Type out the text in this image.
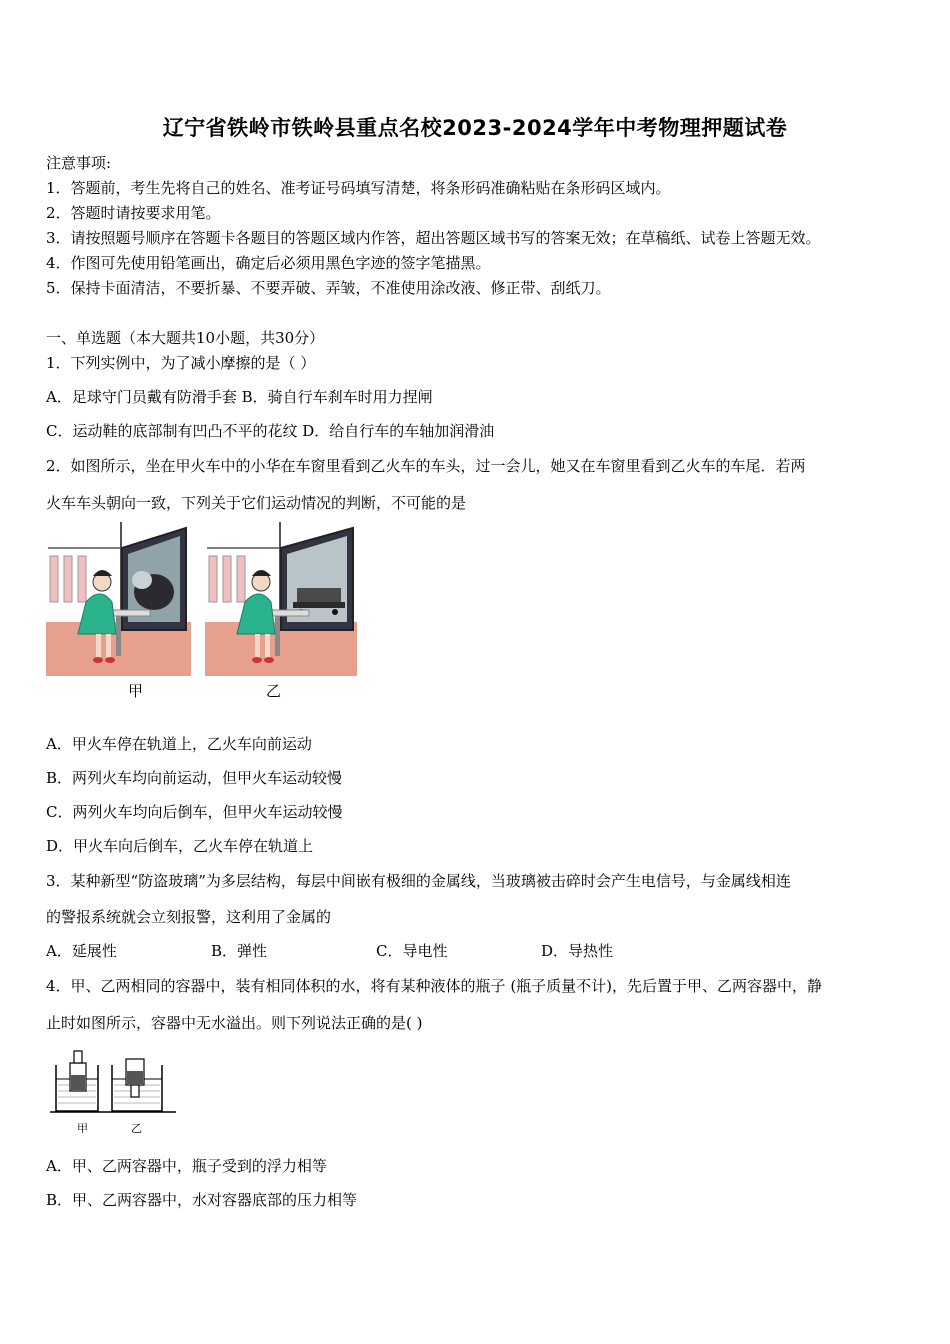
辽宁省铁岭市铁岭县重点名校2023-2024学年中考物理押题试卷
注意事项:
1．答题前，考生先将自己的姓名、准考证号码填写清楚，将条形码准确粘贴在条形码区域内。
2．答题时请按要求用笔。
3．请按照题号顺序在答题卡各题目的答题区域内作答，超出答题区域书写的答案无效；在草稿纸、试卷上答题无效。
4．作图可先使用铅笔画出，确定后必须用黑色字迹的签字笔描黑。
5．保持卡面清洁，不要折暴、不要弄破、弄皱，不准使用涂改液、修正带、刮纸刀。
一、单选题（本大题共10小题，共30分）
1．下列实例中，为了减小摩擦的是（ ）
A．足球守门员戴有防滑手套 B．骑自行车刹车时用力捏闸
C．运动鞋的底部制有凹凸不平的花纹 D．给自行车的车轴加润滑油
2．如图所示，坐在甲火车中的小华在车窗里看到乙火车的车头，过一会儿，她又在车窗里看到乙火车的车尾．若两
火车车头朝向一致，下列关于它们运动情况的判断，不可能的是
甲	乙
A．甲火车停在轨道上，乙火车向前运动
B．两列火车均向前运动，但甲火车运动较慢
C．两列火车均向后倒车，但甲火车运动较慢
D．甲火车向后倒车，乙火车停在轨道上
3．某种新型“防盗玻璃”为多层结构，每层中间嵌有极细的金属线，当玻璃被击碎时会产生电信号，与金属线相连
的警报系统就会立刻报警，这利用了金属的
A．延展性	B．弹性	C．导电性	D．导热性
4．甲、乙两相同的容器中，装有相同体积的水，将有某种液体的瓶子 (瓶子质量不计)，先后置于甲、乙两容器中，静
止时如图所示，容器中无水溢出。则下列说法正确的是( )
甲	乙
A．甲、乙两容器中，瓶子受到的浮力相等
B．甲、乙两容器中，水对容器底部的压力相等
